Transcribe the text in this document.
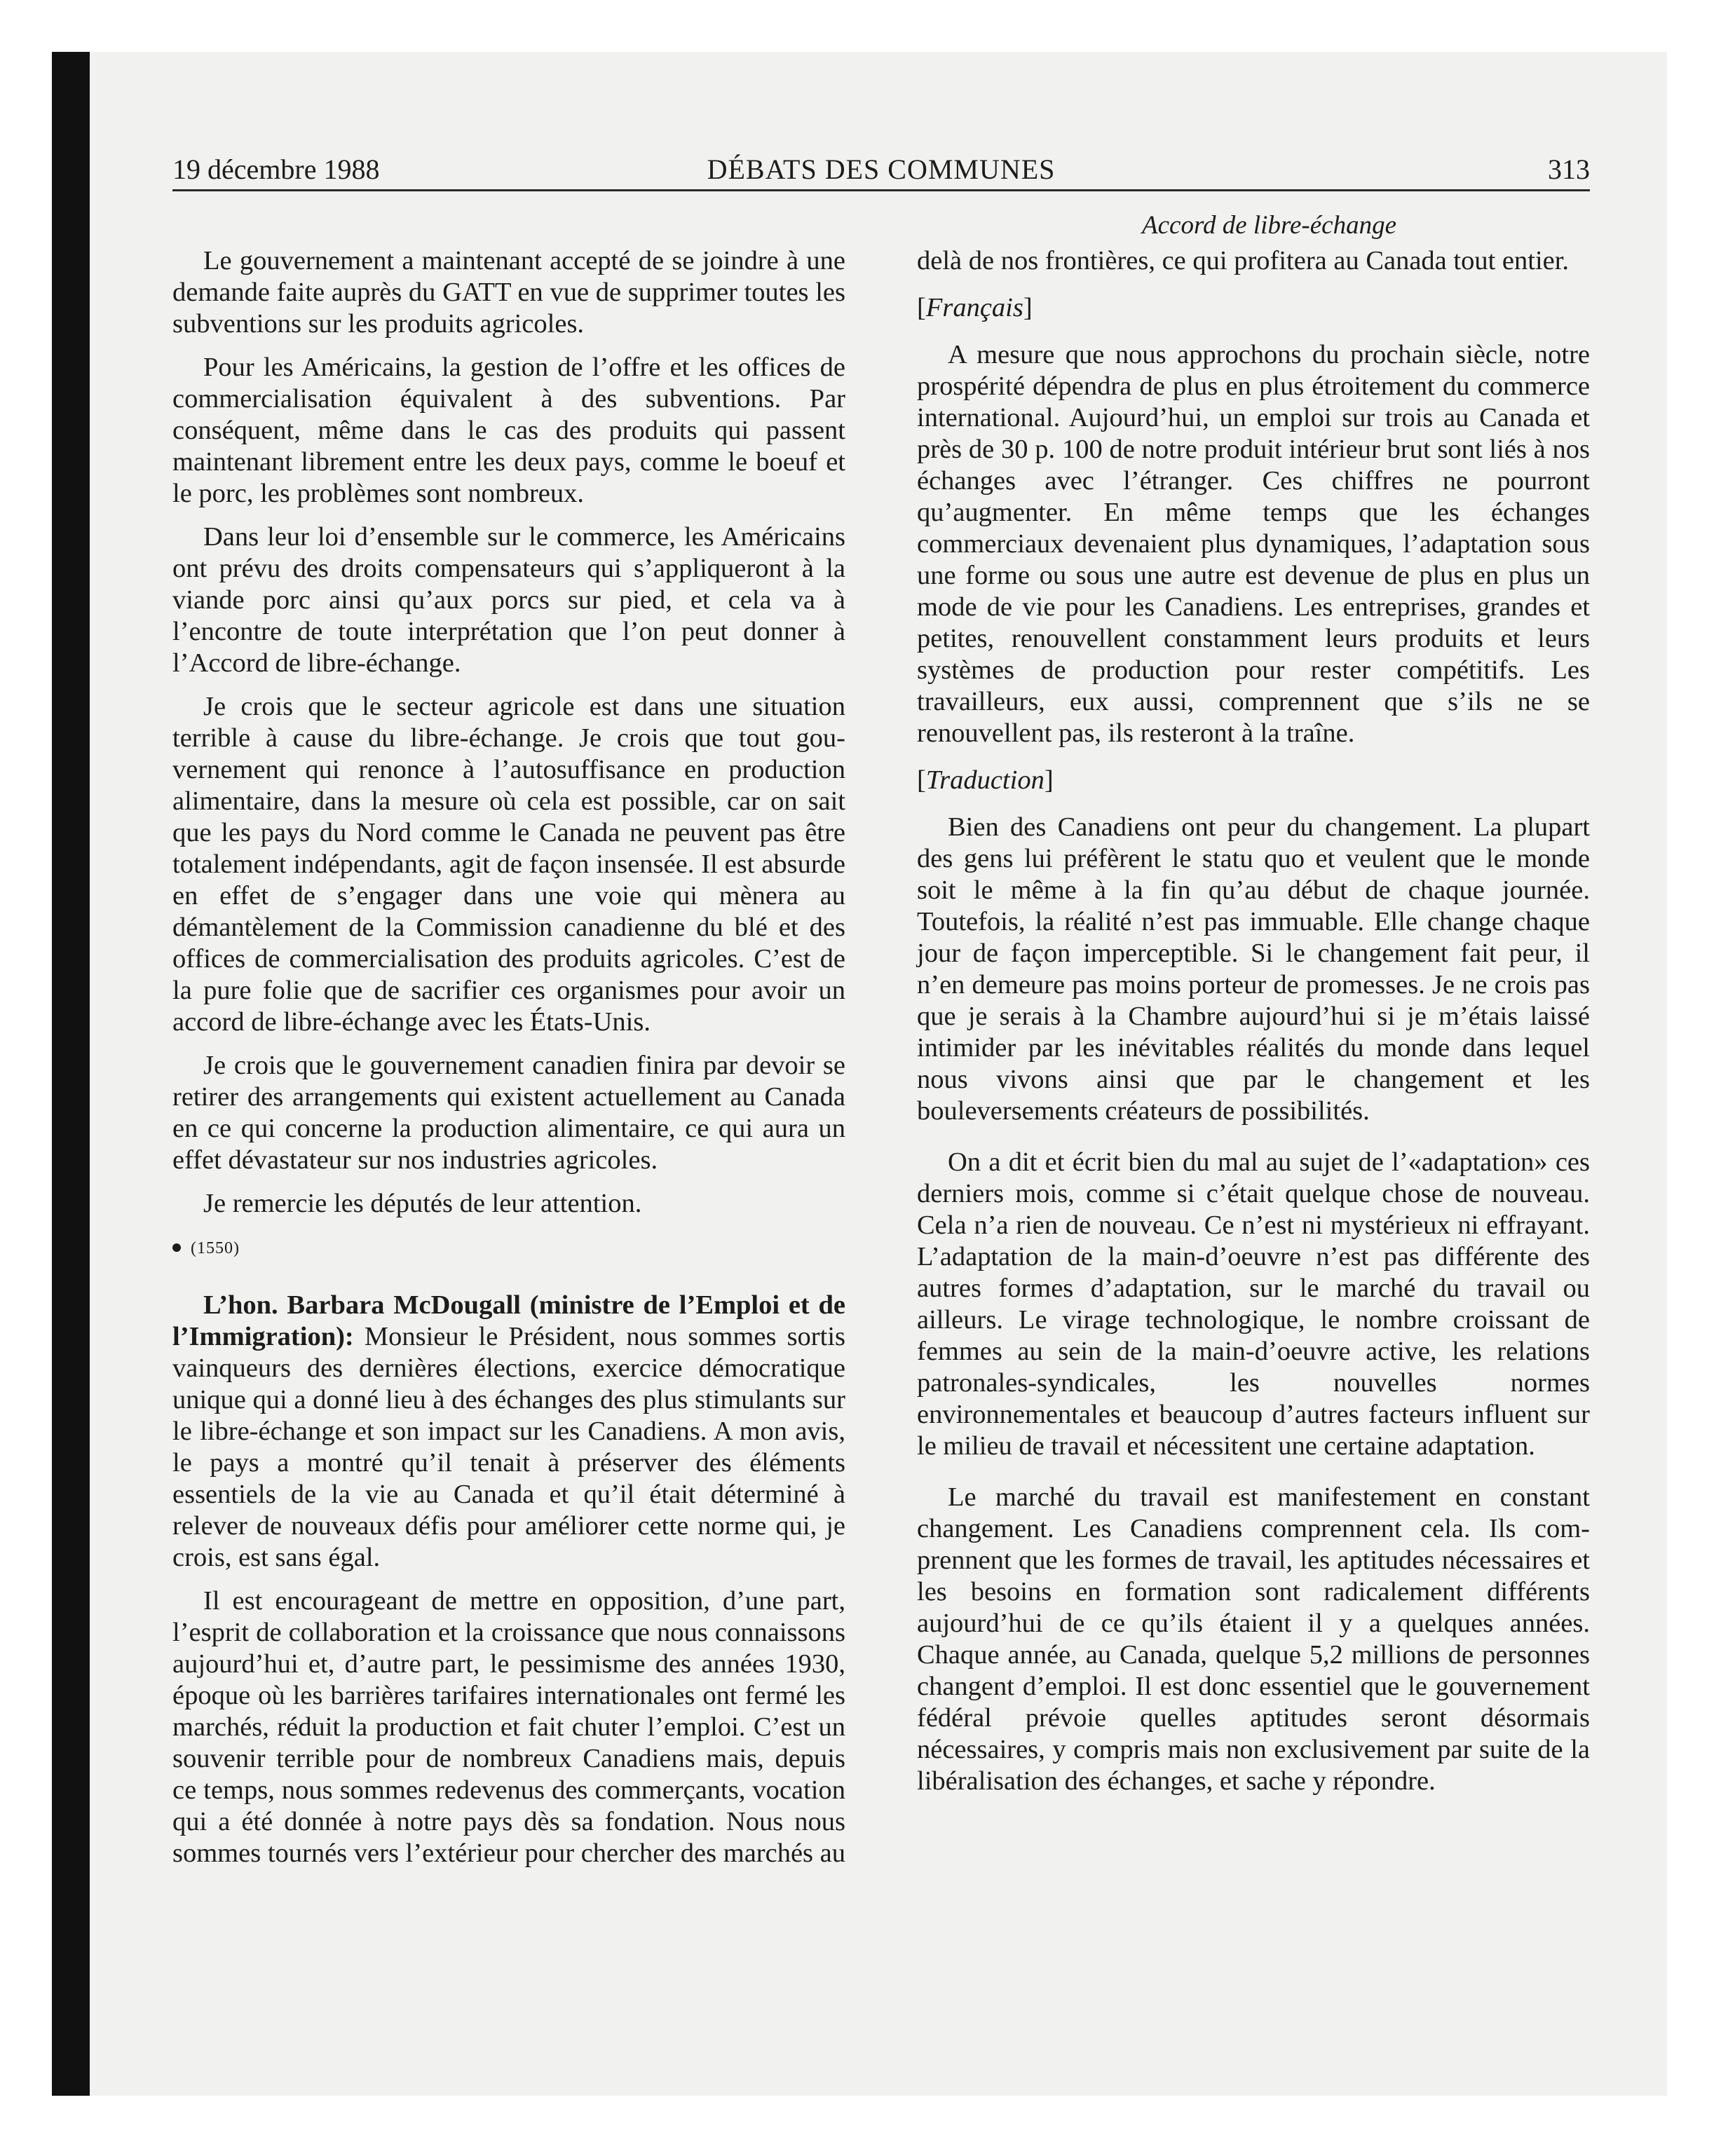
19 décembre 1988	DÉBATS DES COMMUNES	313
Accord de libre-échange

Le gouvernement a maintenant accepté de se joindre à une demande faite auprès du GATT en vue de supprimer toutes les subventions sur les produits agricoles.

Pour les Américains, la gestion de l’offre et les offices de commercialisation équivalent à des subventions. Par conséquent, même dans le cas des produits qui passent maintenant librement entre les deux pays, comme le boeuf et le porc, les problèmes sont nombreux.

Dans leur loi d’ensemble sur le commerce, les Américains ont prévu des droits compensateurs qui s’appliqueront à la viande porc ainsi qu’aux porcs sur pied, et cela va à l’encontre de toute interprétation que l’on peut donner à l’Accord de libre-échange.

Je crois que le secteur agricole est dans une situation terrible à cause du libre-échange. Je crois que tout gouvernement qui renonce à l’autosuffisance en production alimentaire, dans la mesure où cela est possible, car on sait que les pays du Nord comme le Canada ne peuvent pas être totalement indépendants, agit de façon insensée. Il est absurde en effet de s’engager dans une voie qui mènera au démantèlement de la Commission canadienne du blé et des offices de commercialisation des produits agricoles. C’est de la pure folie que de sacrifier ces organismes pour avoir un accord de libre-échange avec les États-Unis.

Je crois que le gouvernement canadien finira par devoir se retirer des arrangements qui existent actuellement au Canada en ce qui concerne la production alimentaire, ce qui aura un effet dévastateur sur nos industries agricoles.

Je remercie les députés de leur attention.

(1550)

L’hon. Barbara McDougall (ministre de l’Emploi et de l’Immigration): Monsieur le Président, nous sommes sortis vainqueurs des dernières élections, exercice démocratique unique qui a donné lieu à des échanges des plus stimulants sur le libre-échange et son impact sur les Canadiens. A mon avis, le pays a montré qu’il tenait à préserver des éléments essentiels de la vie au Canada et qu’il était déterminé à relever de nouveaux défis pour améliorer cette norme qui, je crois, est sans égal.

Il est encourageant de mettre en opposition, d’une part, l’esprit de collaboration et la croissance que nous connaissons aujourd’hui et, d’autre part, le pessimisme des années 1930, époque où les barrières tarifaires internationales ont fermé les marchés, réduit la production et fait chuter l’emploi. C’est un souvenir terrible pour de nombreux Canadiens mais, depuis ce temps, nous sommes redevenus des commerçants, vocation qui a été donnée à notre pays dès sa fondation. Nous nous sommes tournés vers l’extérieur pour chercher des marchés au

delà de nos frontières, ce qui profitera au Canada tout entier.

[Français]

A mesure que nous approchons du prochain siècle, notre prospérité dépendra de plus en plus étroitement du commerce international. Aujourd’hui, un emploi sur trois au Canada et près de 30 p. 100 de notre produit intérieur brut sont liés à nos échanges avec l’étranger. Ces chiffres ne pourront qu’augmenter. En même temps que les échanges commerciaux devenaient plus dynamiques, l’adaptation sous une forme ou sous une autre est devenue de plus en plus un mode de vie pour les Canadiens. Les entreprises, grandes et petites, renouvellent constamment leurs produits et leurs systèmes de production pour rester compétitifs. Les travailleurs, eux aussi, comprennent que s’ils ne se renouvellent pas, ils resteront à la traîne.

[Traduction]

Bien des Canadiens ont peur du changement. La plupart des gens lui préfèrent le statu quo et veulent que le monde soit le même à la fin qu’au début de chaque journée. Toutefois, la réalité n’est pas immuable. Elle change chaque jour de façon imperceptible. Si le changement fait peur, il n’en demeure pas moins porteur de promesses. Je ne crois pas que je serais à la Chambre aujourd’hui si je m’étais laissé intimider par les inévitables réalités du monde dans lequel nous vivons ainsi que par le changement et les bouleversements créateurs de possibilités.

On a dit et écrit bien du mal au sujet de l’«adaptation» ces derniers mois, comme si c’était quelque chose de nouveau. Cela n’a rien de nouveau. Ce n’est ni mystérieux ni effrayant. L’adaptation de la main-d’oeuvre n’est pas différente des autres formes d’adaptation, sur le marché du travail ou ailleurs. Le virage technologique, le nombre croissant de femmes au sein de la main-d’oeuvre active, les relations patronales-syndicales, les nouvelles normes environnementales et beaucoup d’autres facteurs influent sur le milieu de travail et nécessitent une certaine adaptation.

Le marché du travail est manifestement en constant changement. Les Canadiens comprennent cela. Ils comprennent que les formes de travail, les aptitudes nécessaires et les besoins en formation sont radicalement différents aujourd’hui de ce qu’ils étaient il y a quelques années. Chaque année, au Canada, quelque 5,2 millions de personnes changent d’emploi. Il est donc essentiel que le gouvernement fédéral prévoie quelles aptitudes seront désormais nécessaires, y compris mais non exclusivement par suite de la libéralisation des échanges, et sache y répondre.
